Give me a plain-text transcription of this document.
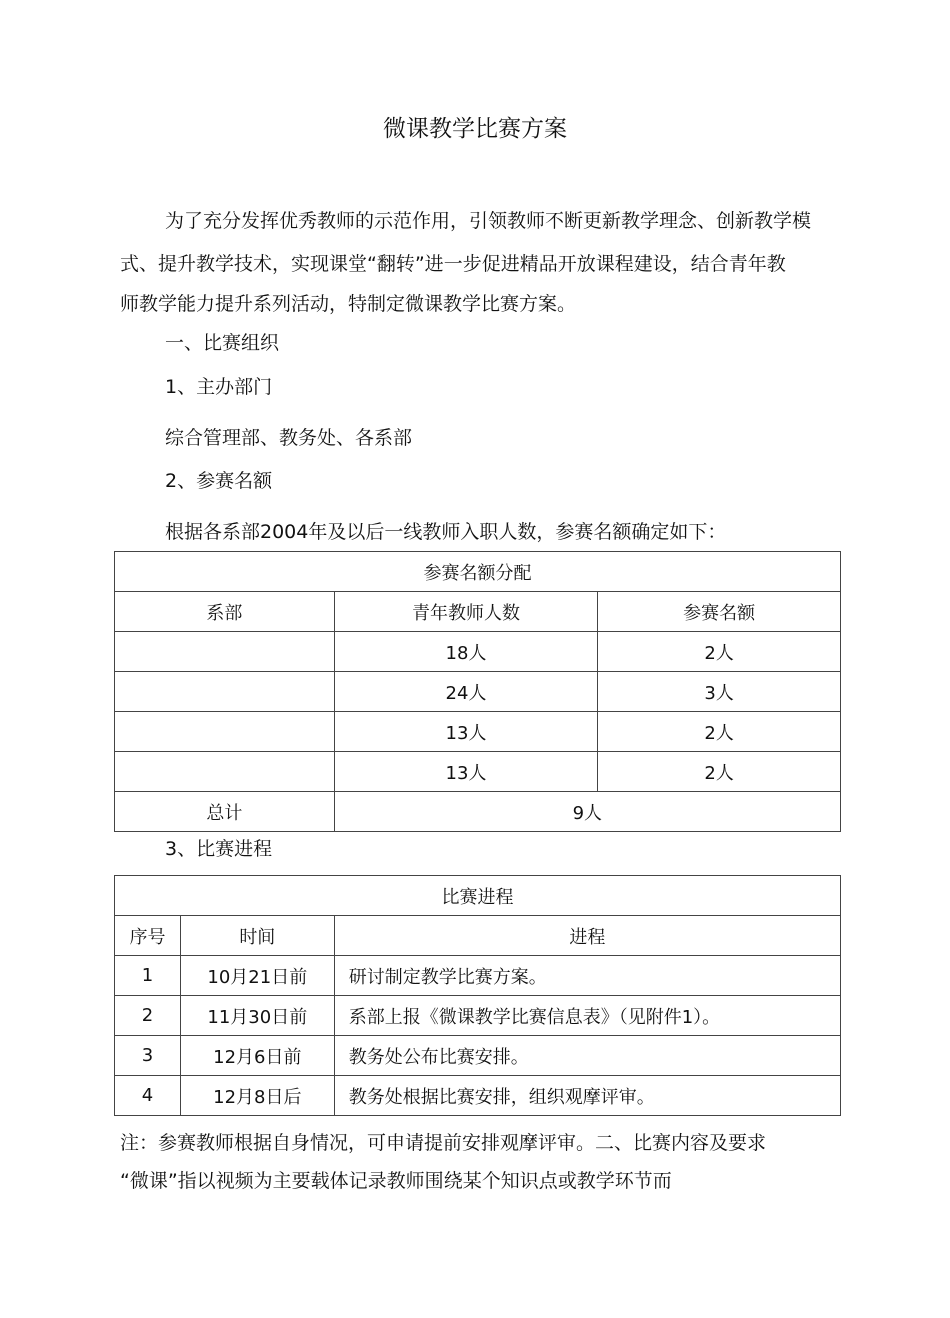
微课教学比赛方案
为了充分发挥优秀教师的示范作用，引领教师不断更新教学理念、创新教学模
式、提升教学技术，实现课堂“翻转”进一步促进精品开放课程建设，结合青年教
师教学能力提升系列活动，特制定微课教学比赛方案。
一、比赛组织
1、主办部门
综合管理部、教务处、各系部
2、参赛名额
根据各系部2004年及以后一线教师入职人数，参赛名额确定如下：
参赛名额分配		
系部	青年教师人数	参赛名额
	18人	2人
	24人	3人
	13人	2人
	13人	2人
总计	9人	
3、比赛进程
比赛进程		
序号	时间	进程
1	10月21日前	研讨制定教学比赛方案。
2	11月30日前	系部上报《微课教学比赛信息表》（见附件1）。
3	12月6日前	教务处公布比赛安排。
4	12月8日后	教务处根据比赛安排，组织观摩评审。
注：参赛教师根据自身情况，可申请提前安排观摩评审。二、比赛内容及要求
“微课”指以视频为主要载体记录教师围绕某个知识点或教学环节而
